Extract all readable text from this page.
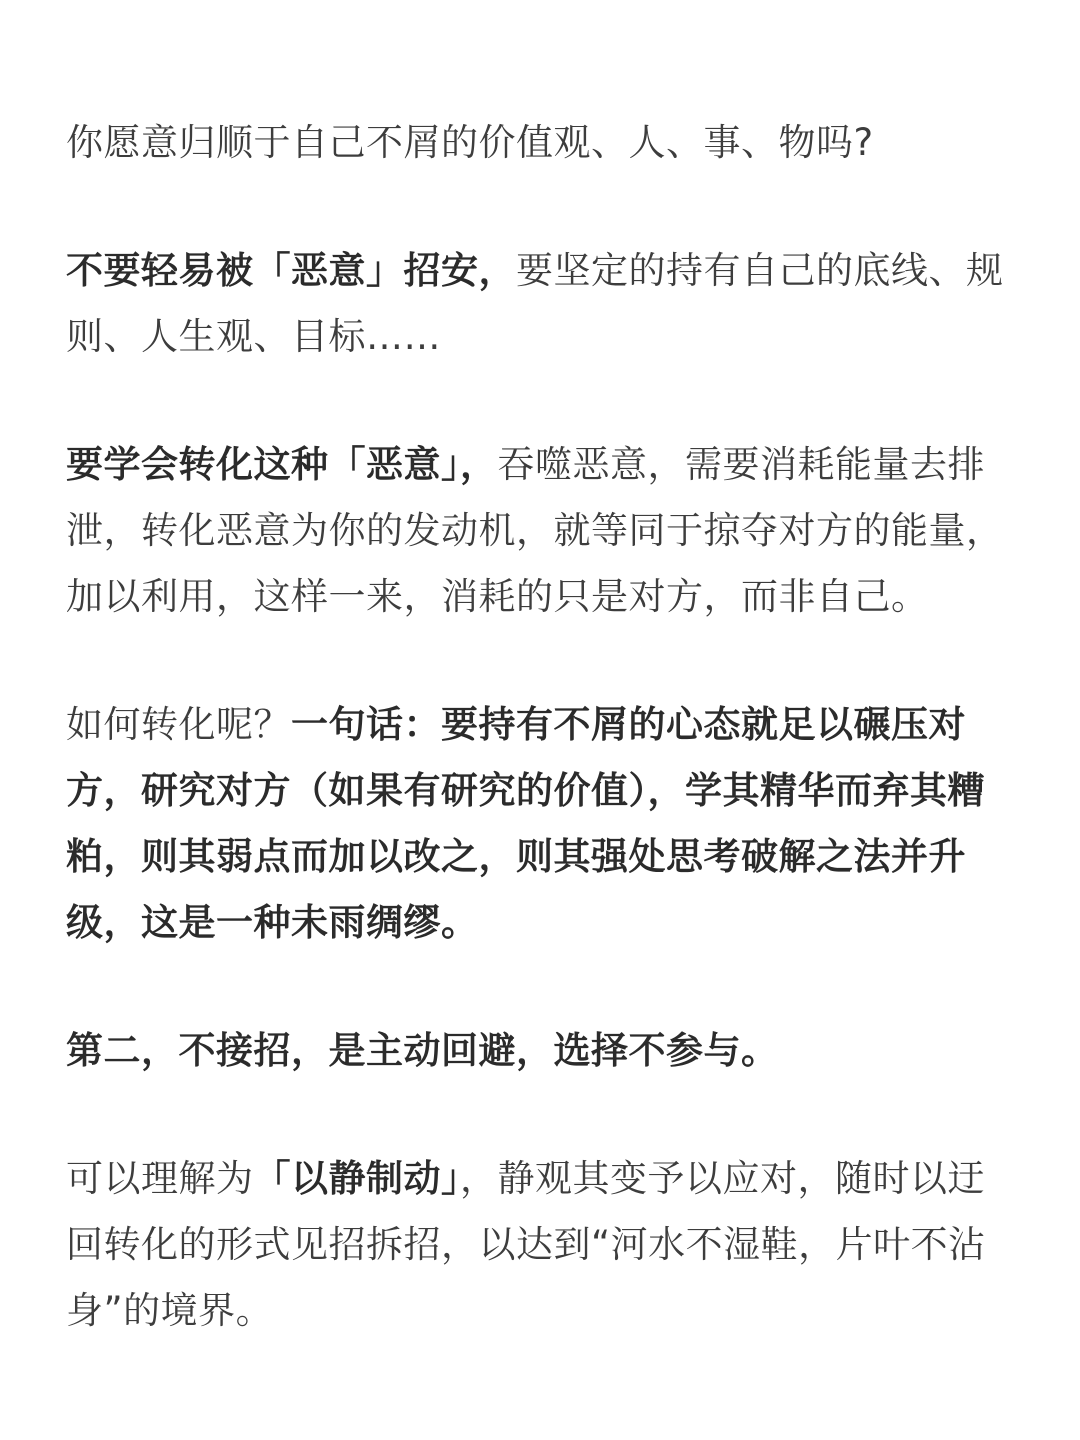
你愿意归顺于自己不屑的价值观、人、事、物吗?

不要轻易被「恶意」招安，要坚定的持有自己的底线、规则、人生观、目标……

要学会转化这种「恶意」，吞噬恶意，需要消耗能量去排泄，转化恶意为你的发动机，就等同于掠夺对方的能量，加以利用，这样一来，消耗的只是对方，而非自己。

如何转化呢？一句话：要持有不屑的心态就足以碾压对方，研究对方（如果有研究的价值），学其精华而弃其糟粕，则其弱点而加以改之，则其强处思考破解之法并升级，这是一种未雨绸缪。

第二，不接招，是主动回避，选择不参与。

可以理解为「以静制动」，静观其变予以应对，随时以迂回转化的形式见招拆招，以达到“河水不湿鞋，片叶不沾身”的境界。
